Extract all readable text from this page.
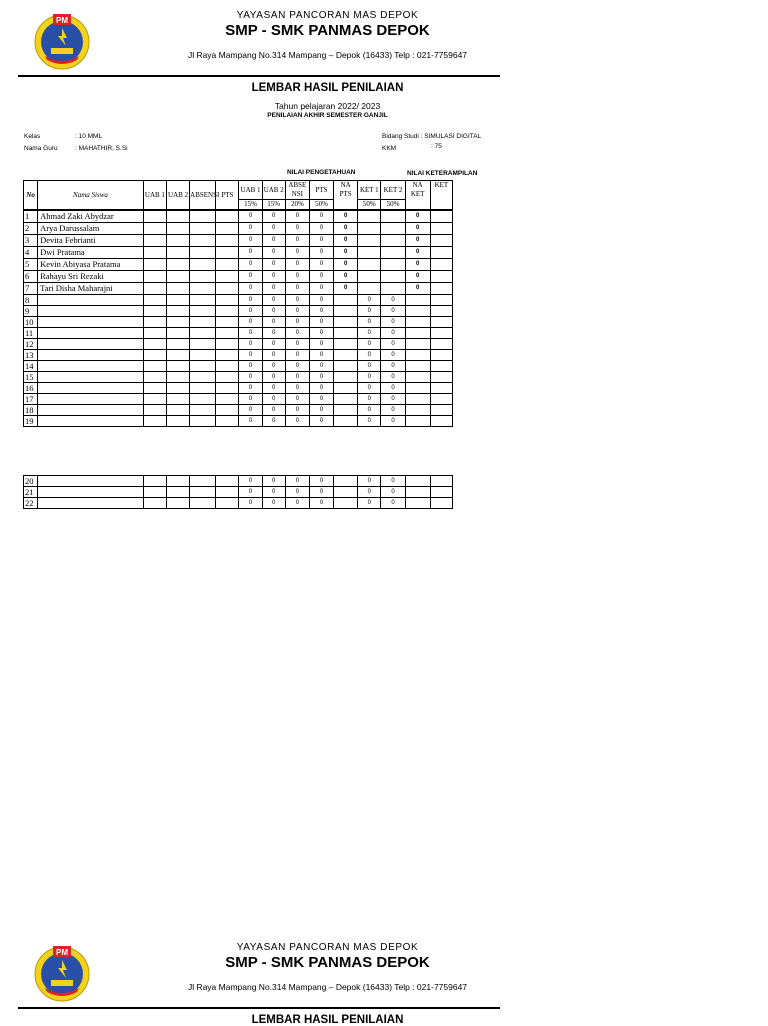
PM	YAYASAN PANCORAN MAS DEPOK
SMP - SMK PANMAS DEPOK
Jl Raya Mampang No.314 Mampang – Depok (16433) Telp : 021-7759647
LEMBAR HASIL PENILAIAN
Tahun pelajaran 2022/ 2023
PENILAIAN AKHIR SEMESTER GANJIL
Kelas	: 10 MML
Nama Guru	: MAHATHIR, S.Si
Bidang Studi : SIMULASI DIGITAL
KKM	: 75
NILAI PENGETAHUAN	NILAI KETERAMPILAN
No	Nama Siswa	UAB 1	UAB 2	ABSENSI	PTS	UAB 1	UAB 2	ABSE NSI	PTS	NA PTS	KET 1	KET 2	NA KET	KET
						15%	15%	20%	50%		50%	50%		
1	Ahmad Zaki Abydzar					0	0	0	0	0			0	
2	Arya Darussalam					0	0	0	0	0			0	
3	Devita Febrianti					0	0	0	0	0			0	
4	Dwi Pratama					0	0	0	0	0			0	
5	Kevin Abiyasa Pratama					0	0	0	0	0			0	
6	Rahayu Sri Rezaki					0	0	0	0	0			0	
7	Tari Disha Maharajni					0	0	0	0	0			0	
8						0	0	0	0		0	0		
9						0	0	0	0		0	0		
10						0	0	0	0		0	0		
11						0	0	0	0		0	0		
12						0	0	0	0		0	0		
13						0	0	0	0		0	0		
14						0	0	0	0		0	0		
15						0	0	0	0		0	0		
16						0	0	0	0		0	0		
17						0	0	0	0		0	0		
18						0	0	0	0		0	0		
19						0	0	0	0		0	0		
20						0	0	0	0		0	0		
21						0	0	0	0		0	0		
22						0	0	0	0		0	0		
PM	YAYASAN PANCORAN MAS DEPOK
SMP - SMK PANMAS DEPOK
Jl Raya Mampang No.314 Mampang – Depok (16433) Telp : 021-7759647
LEMBAR HASIL PENILAIAN
